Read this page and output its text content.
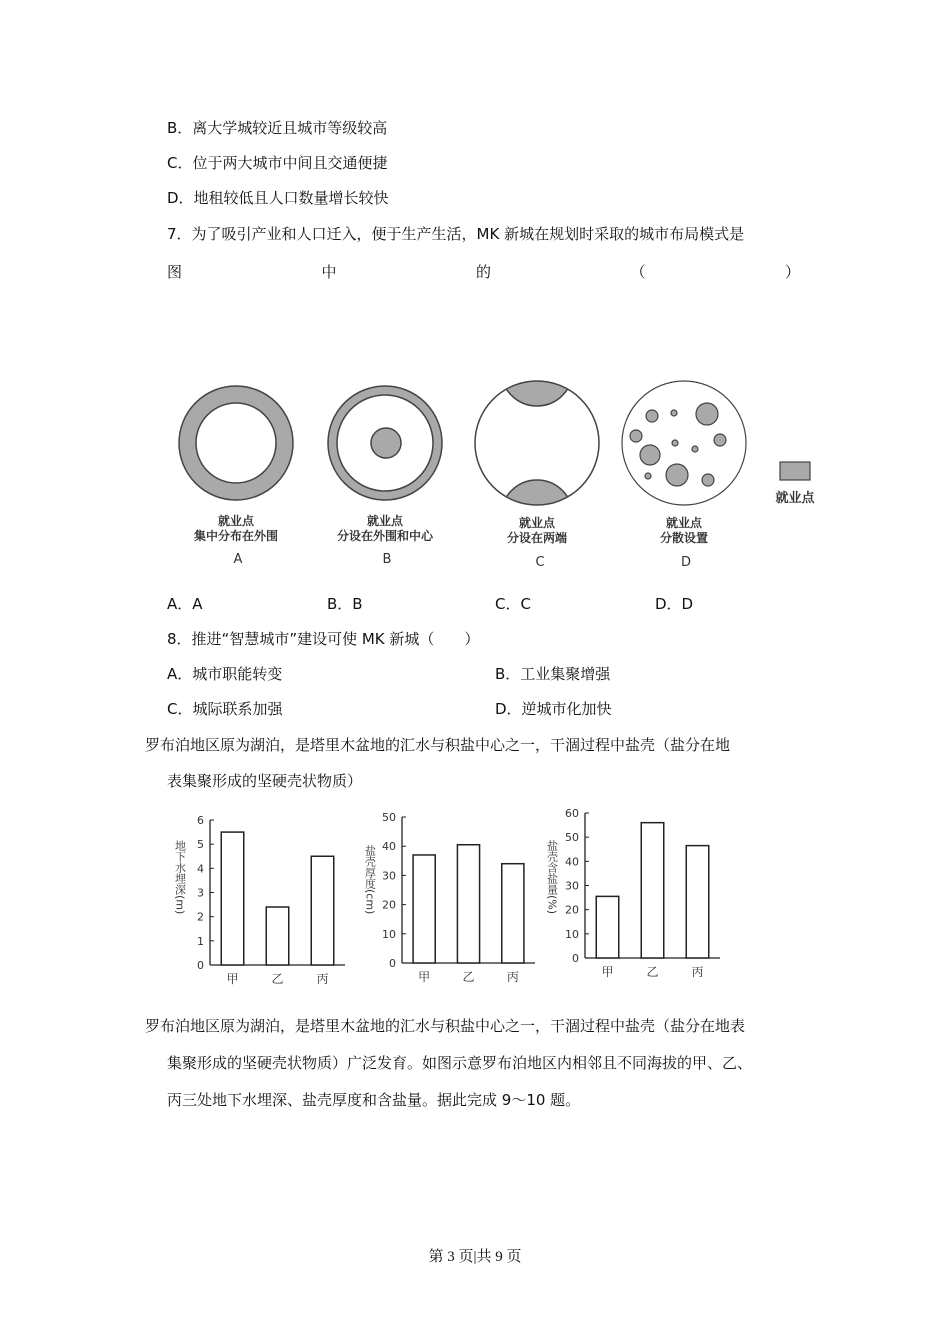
B．离大学城较近且城市等级较高
C．位于两大城市中间且交通便捷
D．地租较低且人口数量增长较快
7．为了吸引产业和人口迁入，便于生产生活，MK 新城在规划时采取的城市布局模式是
图	中	的	（	）
就业点
就业点
集中分布在外围
就业点
分设在外围和中心
就业点
分设在两端
就业点
分散设置
A	B	C	D
A．A	B．B	C．C	D．D
8．推进“智慧城市”建设可使 MK 新城（　　）
A．城市职能转变	B．工业集聚增强
C．城际联系加强	D．逆城市化加快
罗布泊地区原为湖泊，是塔里木盆地的汇水与积盐中心之一，干涸过程中盐壳（盐分在地
表集聚形成的坚硬壳状物质）
地下水埋深(m)	盐壳厚度(cm)	盐壳含盐量(%)
0
1
2
3
4
5
6
甲	乙	丙
0
10
20
30
40
50
甲	乙	丙
0
10
20
30
40
50
60
甲	乙	丙
罗布泊地区原为湖泊，是塔里木盆地的汇水与积盐中心之一，干涸过程中盐壳（盐分在地表
集聚形成的坚硬壳状物质）广泛发育。如图示意罗布泊地区内相邻且不同海拔的甲、乙、
丙三处地下水埋深、盐壳厚度和含盐量。据此完成 9～10 题。
第 3 页|共 9 页
